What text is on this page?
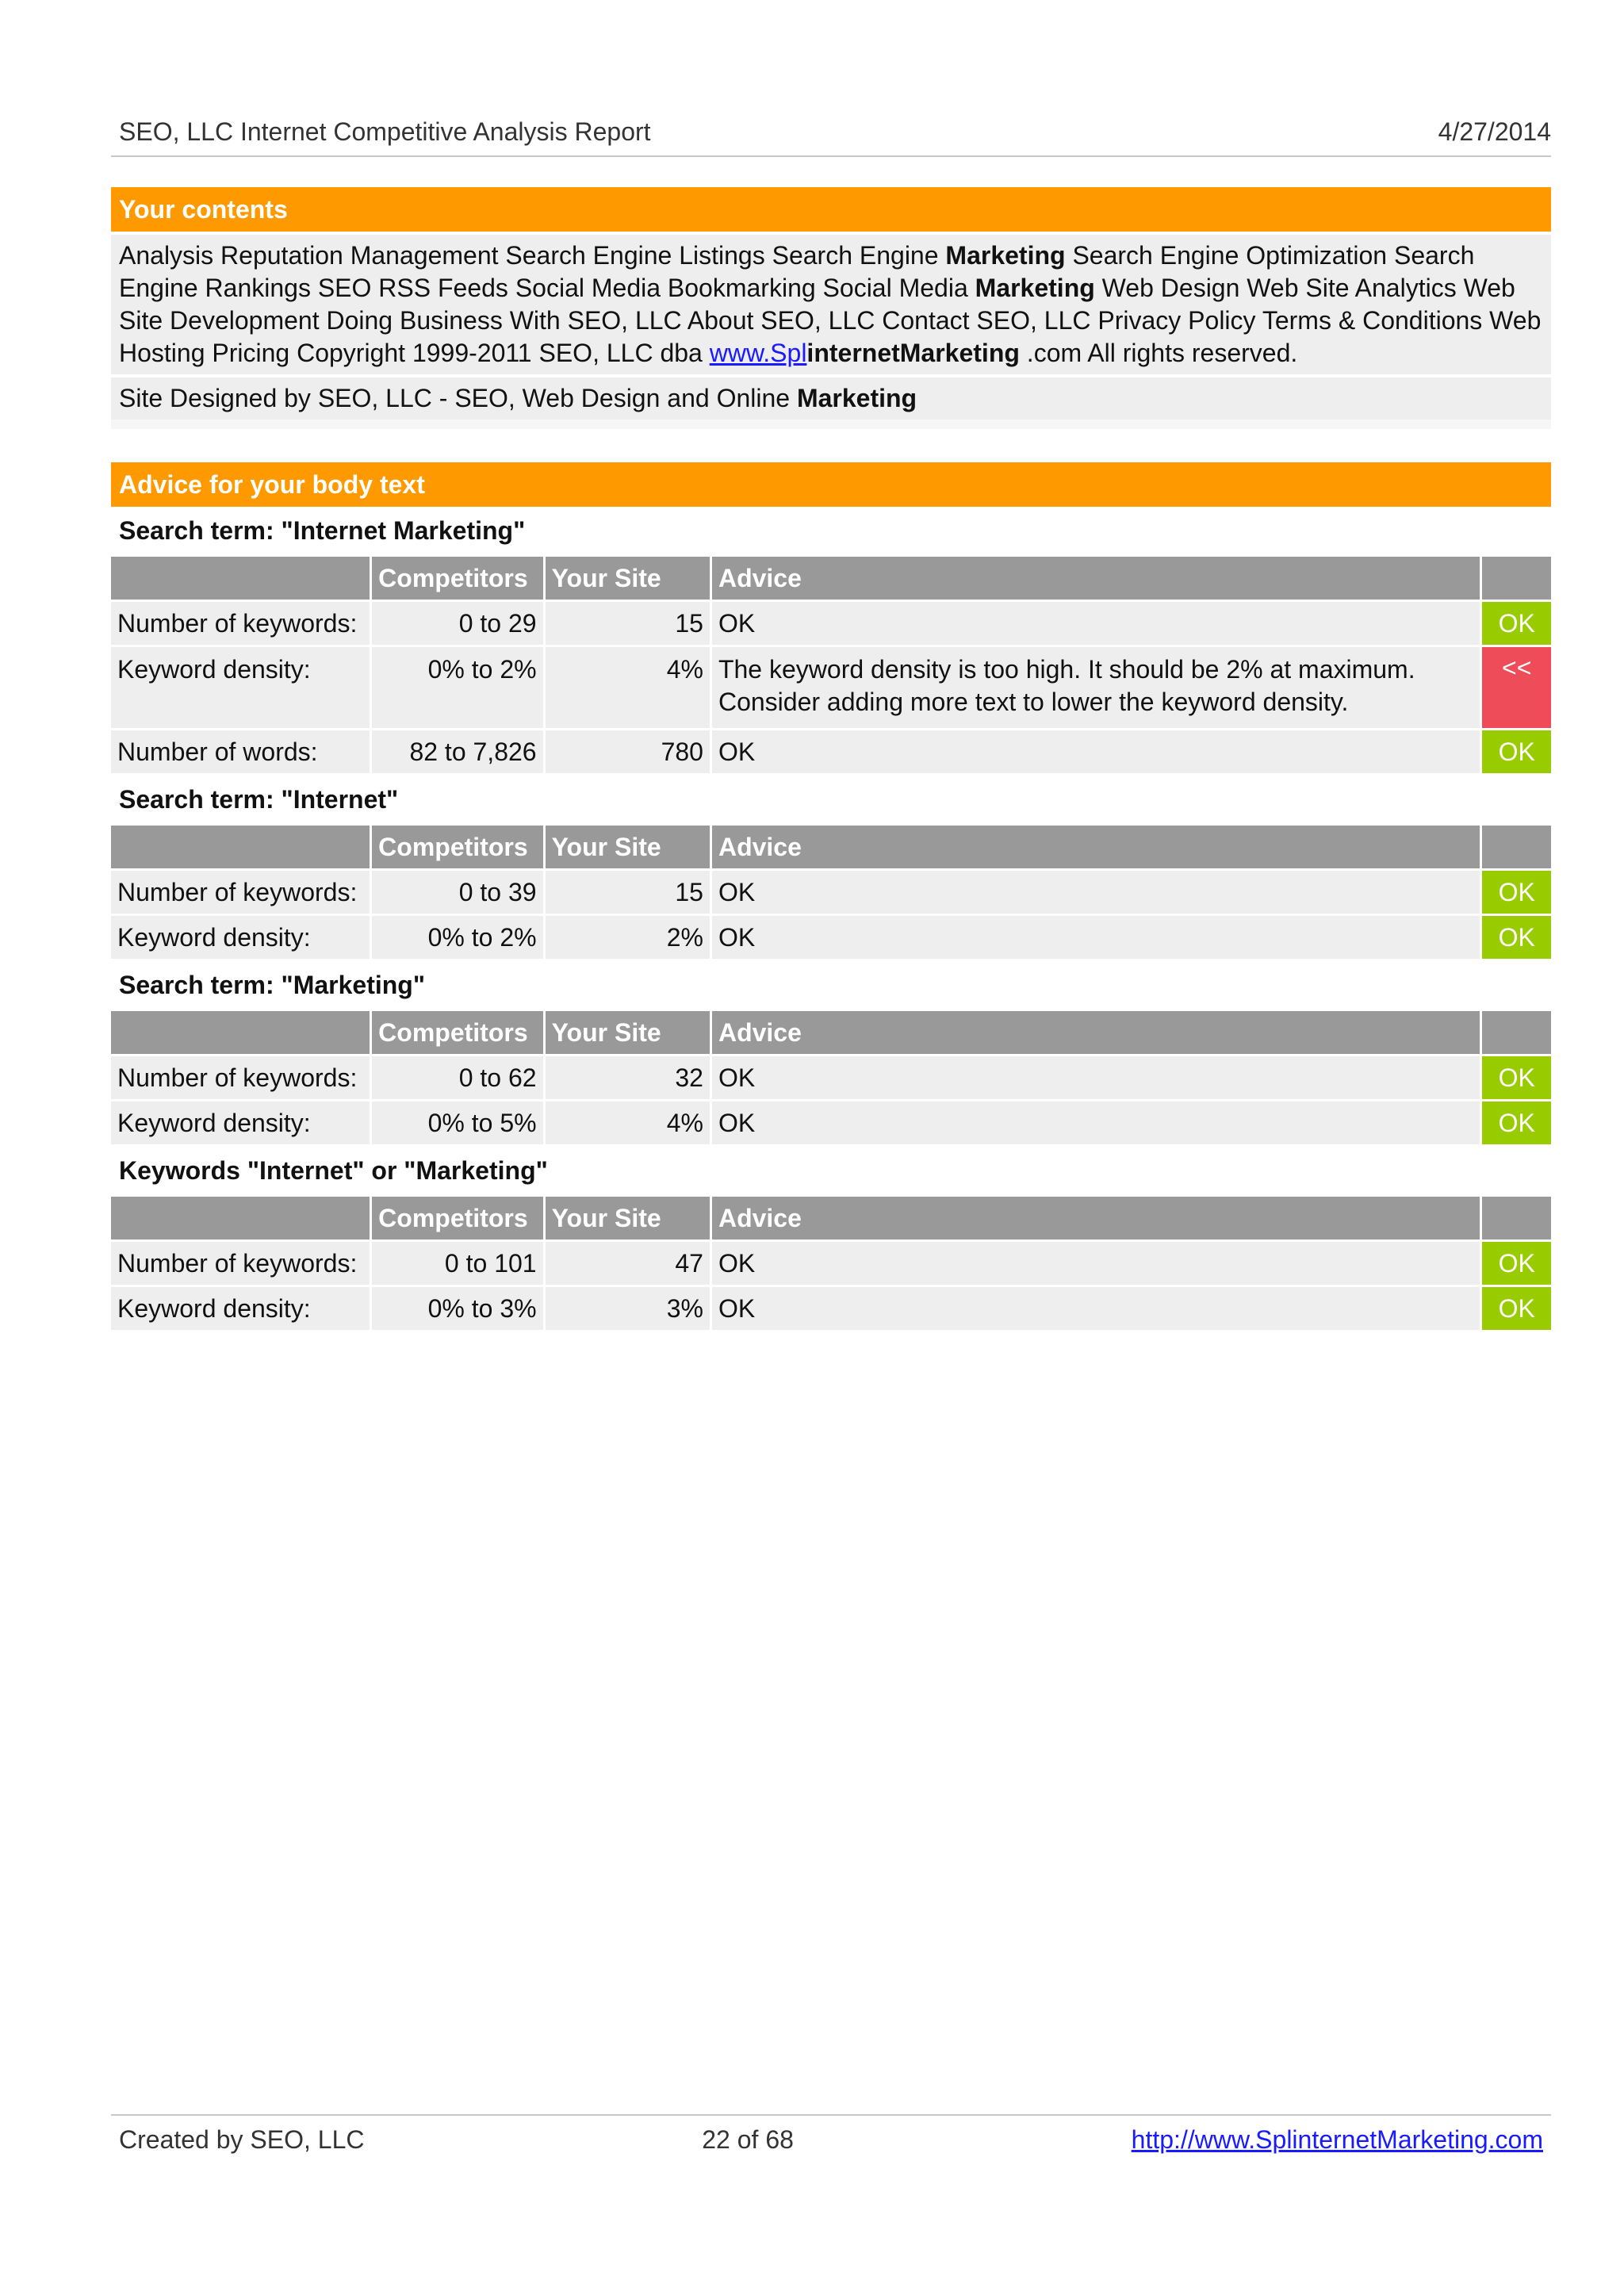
SEO, LLC Internet Competitive Analysis Report	4/27/2014
Your contents
Analysis Reputation Management Search Engine Listings Search Engine Marketing Search Engine Optimization Search Engine Rankings SEO RSS Feeds Social Media Bookmarking Social Media Marketing Web Design Web Site Analytics Web Site Development Doing Business With SEO, LLC About SEO, LLC Contact SEO, LLC Privacy Policy Terms & Conditions Web Hosting Pricing Copyright 1999-2011 SEO, LLC dba www.SplinternetMarketing .com All rights reserved.
Site Designed by SEO, LLC - SEO, Web Design and Online Marketing
Advice for your body text
Search term: "Internet Marketing"
	Competitors	Your Site	Advice	
Number of keywords:	0 to 29	15	OK	OK
Keyword density:	0% to 2%	4%	The keyword density is too high. It should be 2% at maximum. Consider adding more text to lower the keyword density.	<<
Number of words:	82 to 7,826	780	OK	OK
Search term: "Internet"
	Competitors	Your Site	Advice	
Number of keywords:	0 to 39	15	OK	OK
Keyword density:	0% to 2%	2%	OK	OK
Search term: "Marketing"
	Competitors	Your Site	Advice	
Number of keywords:	0 to 62	32	OK	OK
Keyword density:	0% to 5%	4%	OK	OK
Keywords "Internet" or "Marketing"
	Competitors	Your Site	Advice	
Number of keywords:	0 to 101	47	OK	OK
Keyword density:	0% to 3%	3%	OK	OK
Created by SEO, LLC	22 of 68	http://www.SplinternetMarketing.com
